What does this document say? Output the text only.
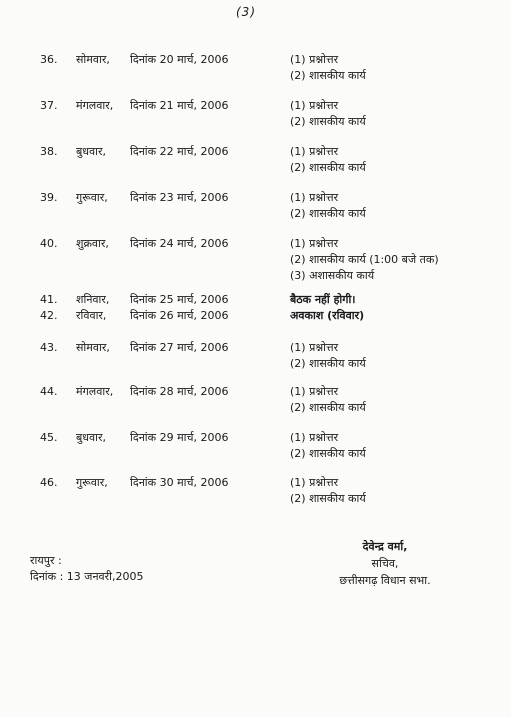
(3)
36.	सोमवार, दिनांक 20 मार्च, 2006	(1) प्रश्नोत्तर
(2) शासकीय कार्य
37.	मंगलवार, दिनांक 21 मार्च, 2006	(1) प्रश्नोत्तर
(2) शासकीय कार्य
38.	बुधवार, दिनांक 22 मार्च, 2006	(1) प्रश्नोत्तर
(2) शासकीय कार्य
39.	गुरूवार, दिनांक 23 मार्च, 2006	(1) प्रश्नोत्तर
(2) शासकीय कार्य
40.	शुक्रवार, दिनांक 24 मार्च, 2006	(1) प्रश्नोत्तर
(2) शासकीय कार्य (1:00 बजे तक)
(3) अशासकीय कार्य
41.	शनिवार, दिनांक 25 मार्च, 2006	बैठक नहीं होगी।
42.	रविवार, दिनांक 26 मार्च, 2006	अवकाश (रविवार)
43.	सोमवार, दिनांक 27 मार्च, 2006	(1) प्रश्नोत्तर
(2) शासकीय कार्य
44.	मंगलवार, दिनांक 28 मार्च, 2006	(1) प्रश्नोत्तर
(2) शासकीय कार्य
45.	बुधवार, दिनांक 29 मार्च, 2006	(1) प्रश्नोत्तर
(2) शासकीय कार्य
46.	गुरूवार, दिनांक 30 मार्च, 2006	(1) प्रश्नोत्तर
(2) शासकीय कार्य
रायपुर :
दिनांक : 13 जनवरी,2005
देवेन्द्र वर्मा,
सचिव,
छत्तीसगढ़ विधान सभा.
